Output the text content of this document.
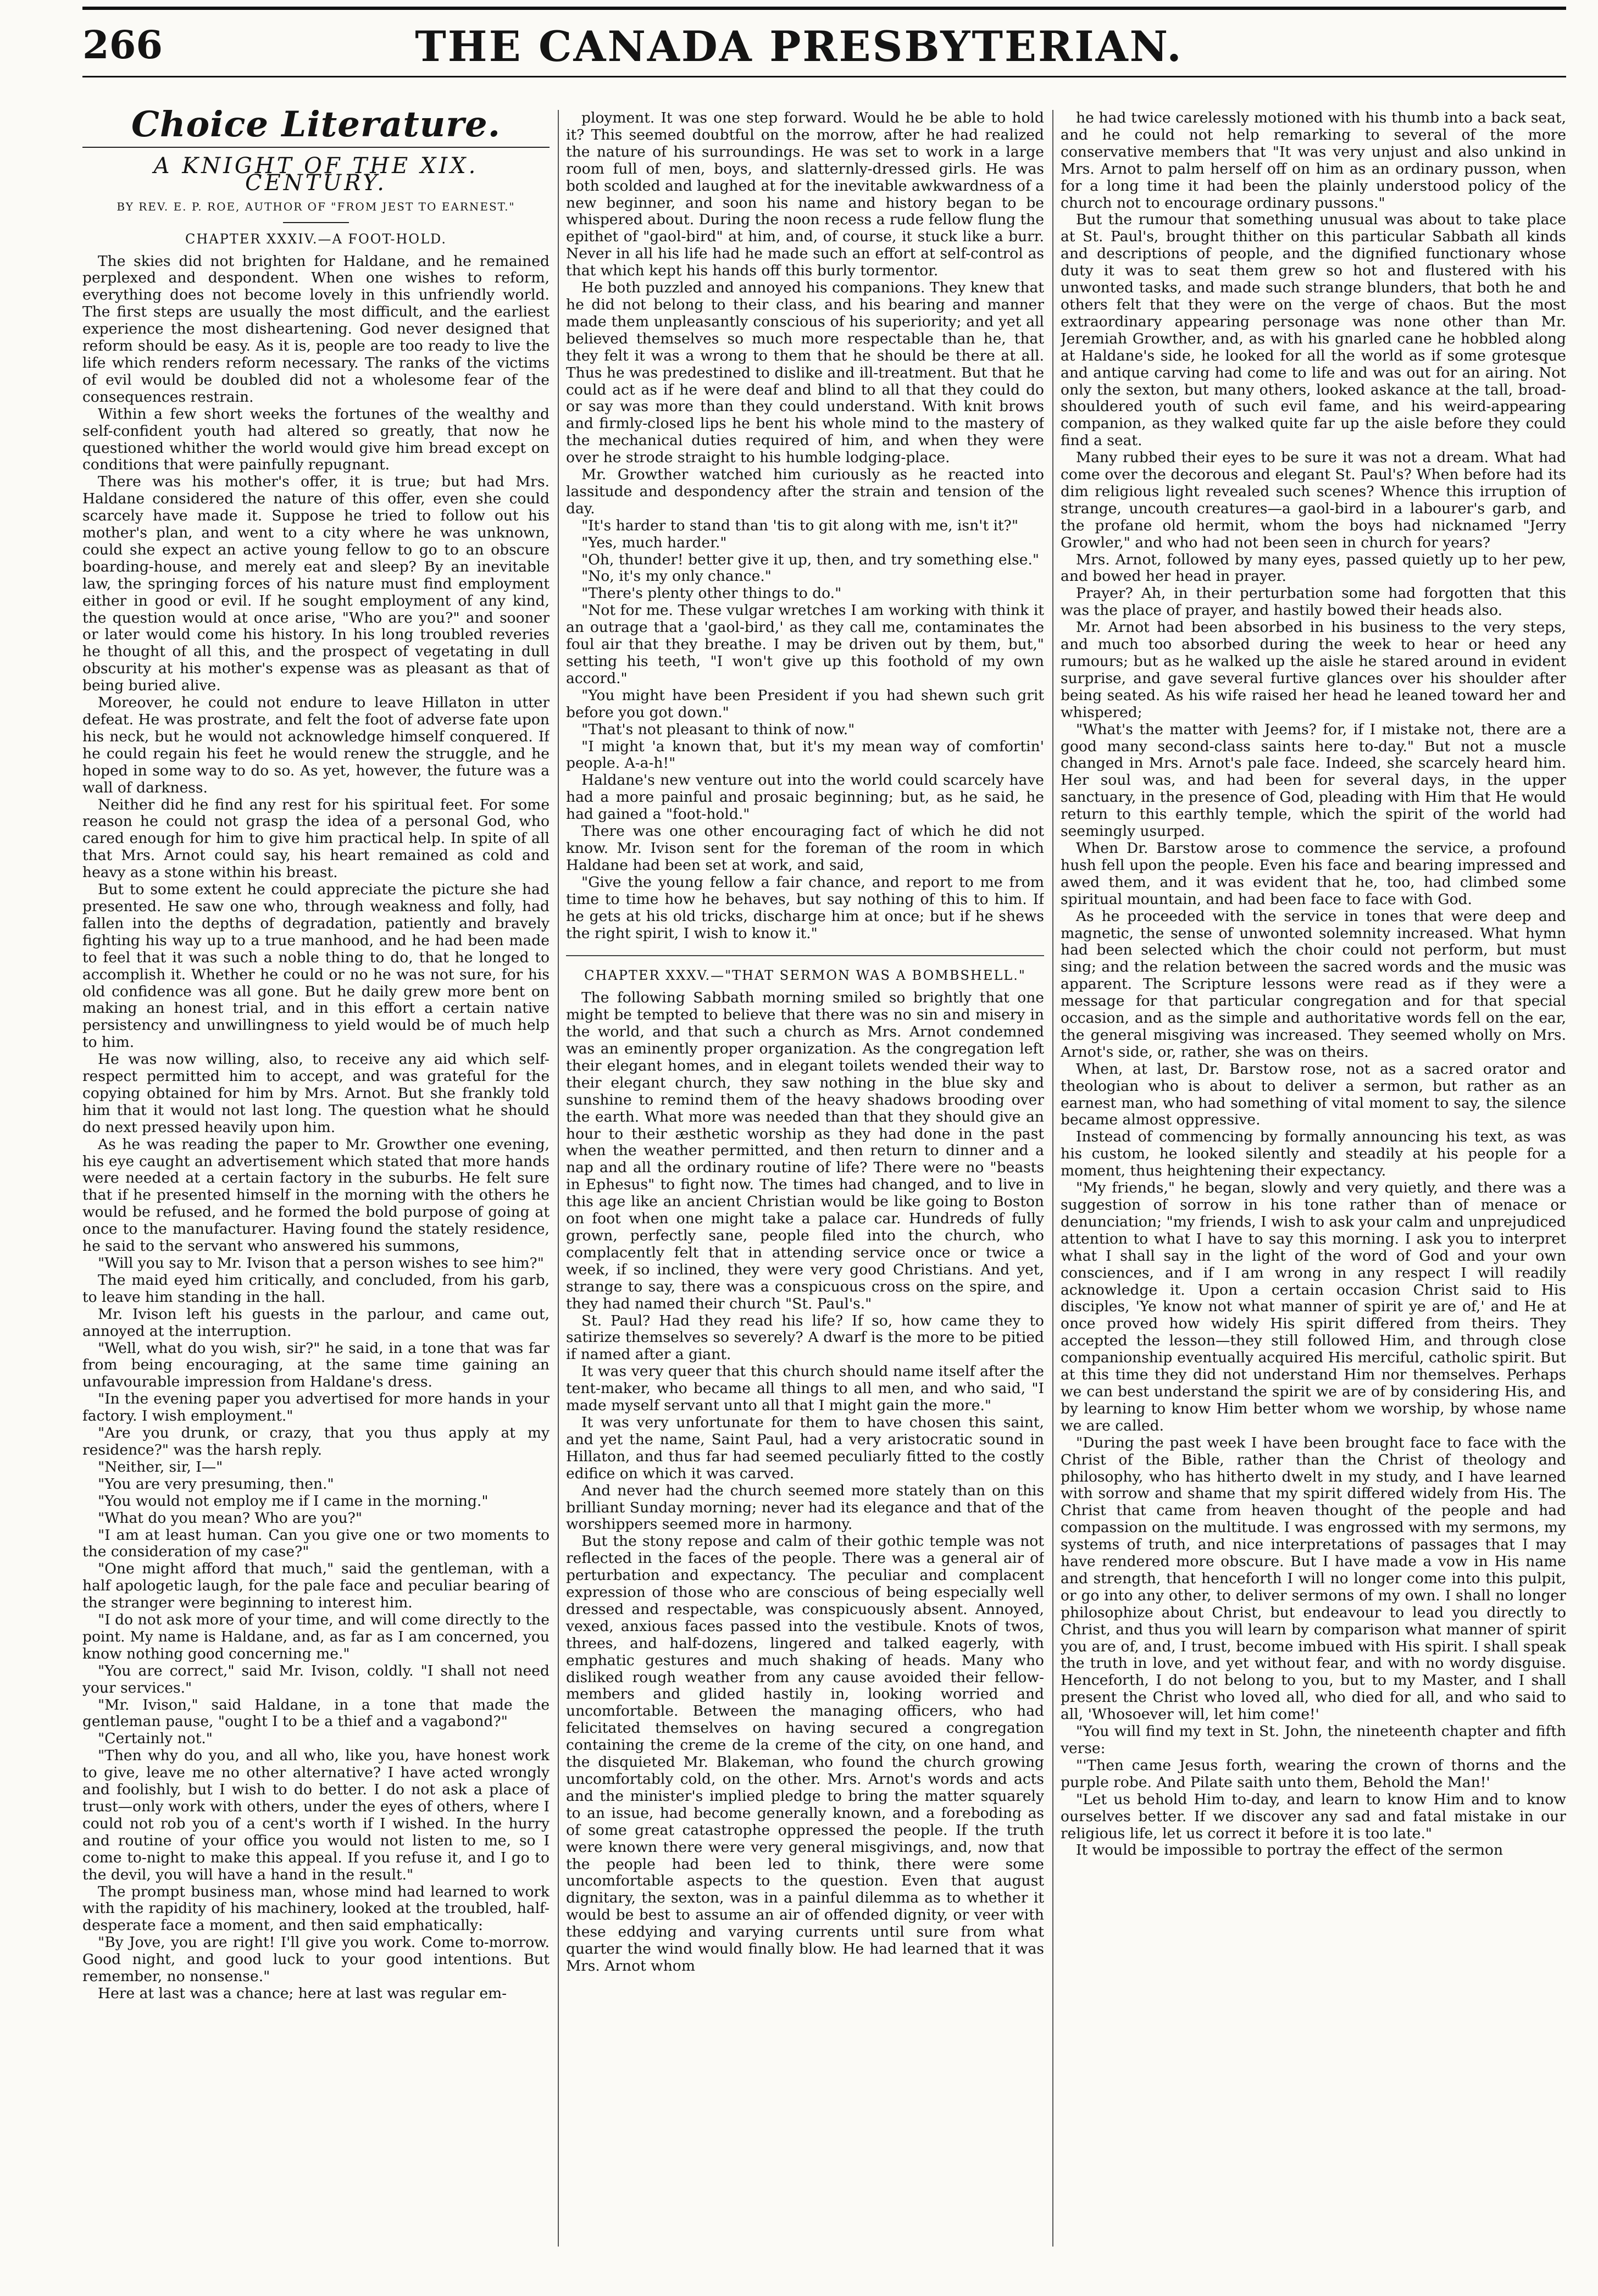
266	THE CANADA PRESBYTERIAN.
Choice Literature.
A KNIGHT OF THE XIX. CENTURY.
BY REV. E. P. ROE, AUTHOR OF "FROM JEST TO EARNEST."
CHAPTER XXXIV.—A FOOT-HOLD.

The skies did not brighten for Haldane, and he remained perplexed and despondent. When one wishes to reform, everything does not become lovely in this unfriendly world. The first steps are usually the most difficult, and the earliest experience the most disheartening. God never designed that reform should be easy. As it is, people are too ready to live the life which renders reform necessary. The ranks of the victims of evil would be doubled did not a wholesome fear of the consequences restrain.

Within a few short weeks the fortunes of the wealthy and self-confident youth had altered so greatly, that now he questioned whither the world would give him bread except on conditions that were painfully repugnant.

There was his mother's offer, it is true; but had Mrs. Haldane considered the nature of this offer, even she could scarcely have made it. Suppose he tried to follow out his mother's plan, and went to a city where he was unknown, could she expect an active young fellow to go to an obscure boarding-house, and merely eat and sleep? By an inevitable law, the springing forces of his nature must find employment either in good or evil. If he sought employment of any kind, the question would at once arise, "Who are you?" and sooner or later would come his history. In his long troubled reveries he thought of all this, and the prospect of vegetating in dull obscurity at his mother's expense was as pleasant as that of being buried alive.

Moreover, he could not endure to leave Hillaton in utter defeat. He was prostrate, and felt the foot of adverse fate upon his neck, but he would not acknowledge himself conquered. If he could regain his feet he would renew the struggle, and he hoped in some way to do so. As yet, however, the future was a wall of darkness.

Neither did he find any rest for his spiritual feet. For some reason he could not grasp the idea of a personal God, who cared enough for him to give him practical help. In spite of all that Mrs. Arnot could say, his heart remained as cold and heavy as a stone within his breast.

But to some extent he could appreciate the picture she had presented. He saw one who, through weakness and folly, had fallen into the depths of degradation, patiently and bravely fighting his way up to a true manhood, and he had been made to feel that it was such a noble thing to do, that he longed to accomplish it. Whether he could or no he was not sure, for his old confidence was all gone. But he daily grew more bent on making an honest trial, and in this effort a certain native persistency and unwillingness to yield would be of much help to him.

He was now willing, also, to receive any aid which self-respect permitted him to accept, and was grateful for the copying obtained for him by Mrs. Arnot. But she frankly told him that it would not last long. The question what he should do next pressed heavily upon him.

As he was reading the paper to Mr. Growther one evening, his eye caught an advertisement which stated that more hands were needed at a certain factory in the suburbs. He felt sure that if he presented himself in the morning with the others he would be refused, and he formed the bold purpose of going at once to the manufacturer. Having found the stately residence, he said to the servant who answered his summons,

"Will you say to Mr. Ivison that a person wishes to see him?"

The maid eyed him critically, and concluded, from his garb, to leave him standing in the hall.

Mr. Ivison left his guests in the parlour, and came out, annoyed at the interruption.

"Well, what do you wish, sir?" he said, in a tone that was far from being encouraging, at the same time gaining an unfavourable impression from Haldane's dress.

"In the evening paper you advertised for more hands in your factory. I wish employment."

"Are you drunk, or crazy, that you thus apply at my residence?" was the harsh reply.

"Neither, sir, I—"

"You are very presuming, then."

"You would not employ me if I came in the morning."

"What do you mean? Who are you?"

"I am at least human. Can you give one or two moments to the consideration of my case?"

"One might afford that much," said the gentleman, with a half apologetic laugh, for the pale face and peculiar bearing of the stranger were beginning to interest him.

"I do not ask more of your time, and will come directly to the point. My name is Haldane, and, as far as I am concerned, you know nothing good concerning me."

"You are correct," said Mr. Ivison, coldly. "I shall not need your services."

"Mr. Ivison," said Haldane, in a tone that made the gentleman pause, "ought I to be a thief and a vagabond?"

"Certainly not."

"Then why do you, and all who, like you, have honest work to give, leave me no other alternative? I have acted wrongly and foolishly, but I wish to do better. I do not ask a place of trust—only work with others, under the eyes of others, where I could not rob you of a cent's worth if I wished. In the hurry and routine of your office you would not listen to me, so I come to-night to make this appeal. If you refuse it, and I go to the devil, you will have a hand in the result."

The prompt business man, whose mind had learned to work with the rapidity of his machinery, looked at the troubled, half-desperate face a moment, and then said emphatically:

"By Jove, you are right! I'll give you work. Come to-morrow. Good night, and good luck to your good intentions. But remember, no nonsense."

Here at last was a chance; here at last was regular em-

ployment. It was one step forward. Would he be able to hold it? This seemed doubtful on the morrow, after he had realized the nature of his surroundings. He was set to work in a large room full of men, boys, and slatternly-dressed girls. He was both scolded and laughed at for the inevitable awkwardness of a new beginner, and soon his name and history began to be whispered about. During the noon recess a rude fellow flung the epithet of "gaol-bird" at him, and, of course, it stuck like a burr. Never in all his life had he made such an effort at self-control as that which kept his hands off this burly tormentor.

He both puzzled and annoyed his companions. They knew that he did not belong to their class, and his bearing and manner made them unpleasantly conscious of his superiority; and yet all believed themselves so much more respectable than he, that they felt it was a wrong to them that he should be there at all. Thus he was predestined to dislike and ill-treatment. But that he could act as if he were deaf and blind to all that they could do or say was more than they could understand. With knit brows and firmly-closed lips he bent his whole mind to the mastery of the mechanical duties required of him, and when they were over he strode straight to his humble lodging-place.

Mr. Growther watched him curiously as he reacted into lassitude and despondency after the strain and tension of the day.

"It's harder to stand than 'tis to git along with me, isn't it?"

"Yes, much harder."

"Oh, thunder! better give it up, then, and try something else."

"No, it's my only chance."

"There's plenty other things to do."

"Not for me. These vulgar wretches I am working with think it an outrage that a 'gaol-bird,' as they call me, contaminates the foul air that they breathe. I may be driven out by them, but," setting his teeth, "I won't give up this foothold of my own accord."

"You might have been President if you had shewn such grit before you got down."

"That's not pleasant to think of now."

"I might 'a known that, but it's my mean way of comfortin' people. A-a-h!"

Haldane's new venture out into the world could scarcely have had a more painful and prosaic beginning; but, as he said, he had gained a "foot-hold."

There was one other encouraging fact of which he did not know. Mr. Ivison sent for the foreman of the room in which Haldane had been set at work, and said,

"Give the young fellow a fair chance, and report to me from time to time how he behaves, but say nothing of this to him. If he gets at his old tricks, discharge him at once; but if he shews the right spirit, I wish to know it."

CHAPTER XXXV.—"THAT SERMON WAS A BOMBSHELL."

The following Sabbath morning smiled so brightly that one might be tempted to believe that there was no sin and misery in the world, and that such a church as Mrs. Arnot condemned was an eminently proper organization. As the congregation left their elegant homes, and in elegant toilets wended their way to their elegant church, they saw nothing in the blue sky and sunshine to remind them of the heavy shadows brooding over the earth. What more was needed than that they should give an hour to their æsthetic worship as they had done in the past when the weather permitted, and then return to dinner and a nap and all the ordinary routine of life? There were no "beasts in Ephesus" to fight now. The times had changed, and to live in this age like an ancient Christian would be like going to Boston on foot when one might take a palace car. Hundreds of fully grown, perfectly sane, people filed into the church, who complacently felt that in attending service once or twice a week, if so inclined, they were very good Christians. And yet, strange to say, there was a conspicuous cross on the spire, and they had named their church "St. Paul's."

St. Paul? Had they read his life? If so, how came they to satirize themselves so severely? A dwarf is the more to be pitied if named after a giant.

It was very queer that this church should name itself after the tent-maker, who became all things to all men, and who said, "I made myself servant unto all that I might gain the more."

It was very unfortunate for them to have chosen this saint, and yet the name, Saint Paul, had a very aristocratic sound in Hillaton, and thus far had seemed peculiarly fitted to the costly edifice on which it was carved.

And never had the church seemed more stately than on this brilliant Sunday morning; never had its elegance and that of the worshippers seemed more in harmony.

But the stony repose and calm of their gothic temple was not reflected in the faces of the people. There was a general air of perturbation and expectancy. The peculiar and complacent expression of those who are conscious of being especially well dressed and respectable, was conspicuously absent. Annoyed, vexed, anxious faces passed into the vestibule. Knots of twos, threes, and half-dozens, lingered and talked eagerly, with emphatic gestures and much shaking of heads. Many who disliked rough weather from any cause avoided their fellow-members and glided hastily in, looking worried and uncomfortable. Between the managing officers, who had felicitated themselves on having secured a congregation containing the creme de la creme of the city, on one hand, and the disquieted Mr. Blakeman, who found the church growing uncomfortably cold, on the other. Mrs. Arnot's words and acts and the minister's implied pledge to bring the matter squarely to an issue, had become generally known, and a foreboding as of some great catastrophe oppressed the people. If the truth were known there were very general misgivings, and, now that the people had been led to think, there were some uncomfortable aspects to the question. Even that august dignitary, the sexton, was in a painful dilemma as to whether it would be best to assume an air of offended dignity, or veer with these eddying and varying currents until sure from what quarter the wind would finally blow. He had learned that it was Mrs. Arnot whom

he had twice carelessly motioned with his thumb into a back seat, and he could not help remarking to several of the more conservative members that "It was very unjust and also unkind in Mrs. Arnot to palm herself off on him as an ordinary pusson, when for a long time it had been the plainly understood policy of the church not to encourage ordinary pussons."

But the rumour that something unusual was about to take place at St. Paul's, brought thither on this particular Sabbath all kinds and descriptions of people, and the dignified functionary whose duty it was to seat them grew so hot and flustered with his unwonted tasks, and made such strange blunders, that both he and others felt that they were on the verge of chaos. But the most extraordinary appearing personage was none other than Mr. Jeremiah Growther, and, as with his gnarled cane he hobbled along at Haldane's side, he looked for all the world as if some grotesque and antique carving had come to life and was out for an airing. Not only the sexton, but many others, looked askance at the tall, broad-shouldered youth of such evil fame, and his weird-appearing companion, as they walked quite far up the aisle before they could find a seat.

Many rubbed their eyes to be sure it was not a dream. What had come over the decorous and elegant St. Paul's? When before had its dim religious light revealed such scenes? Whence this irruption of strange, uncouth creatures—a gaol-bird in a labourer's garb, and the profane old hermit, whom the boys had nicknamed "Jerry Growler," and who had not been seen in church for years?

Mrs. Arnot, followed by many eyes, passed quietly up to her pew, and bowed her head in prayer.

Prayer? Ah, in their perturbation some had forgotten that this was the place of prayer, and hastily bowed their heads also.

Mr. Arnot had been absorbed in his business to the very steps, and much too absorbed during the week to hear or heed any rumours; but as he walked up the aisle he stared around in evident surprise, and gave several furtive glances over his shoulder after being seated. As his wife raised her head he leaned toward her and whispered;

"What's the matter with Jeems? for, if I mistake not, there are a good many second-class saints here to-day." But not a muscle changed in Mrs. Arnot's pale face. Indeed, she scarcely heard him. Her soul was, and had been for several days, in the upper sanctuary, in the presence of God, pleading with Him that He would return to this earthly temple, which the spirit of the world had seemingly usurped.

When Dr. Barstow arose to commence the service, a profound hush fell upon the people. Even his face and bearing impressed and awed them, and it was evident that he, too, had climbed some spiritual mountain, and had been face to face with God.

As he proceeded with the service in tones that were deep and magnetic, the sense of unwonted solemnity increased. What hymn had been selected which the choir could not perform, but must sing; and the relation between the sacred words and the music was apparent. The Scripture lessons were read as if they were a message for that particular congregation and for that special occasion, and as the simple and authoritative words fell on the ear, the general misgiving was increased. They seemed wholly on Mrs. Arnot's side, or, rather, she was on theirs.

When, at last, Dr. Barstow rose, not as a sacred orator and theologian who is about to deliver a sermon, but rather as an earnest man, who had something of vital moment to say, the silence became almost oppressive.

Instead of commencing by formally announcing his text, as was his custom, he looked silently and steadily at his people for a moment, thus heightening their expectancy.

"My friends," he began, slowly and very quietly, and there was a suggestion of sorrow in his tone rather than of menace or denunciation; "my friends, I wish to ask your calm and unprejudiced attention to what I have to say this morning. I ask you to interpret what I shall say in the light of the word of God and your own consciences, and if I am wrong in any respect I will readily acknowledge it. Upon a certain occasion Christ said to His disciples, 'Ye know not what manner of spirit ye are of,' and He at once proved how widely His spirit differed from theirs. They accepted the lesson—they still followed Him, and through close companionship eventually acquired His merciful, catholic spirit. But at this time they did not understand Him nor themselves. Perhaps we can best understand the spirit we are of by considering His, and by learning to know Him better whom we worship, by whose name we are called.

"During the past week I have been brought face to face with the Christ of the Bible, rather than the Christ of theology and philosophy, who has hitherto dwelt in my study, and I have learned with sorrow and shame that my spirit differed widely from His. The Christ that came from heaven thought of the people and had compassion on the multitude. I was engrossed with my sermons, my systems of truth, and nice interpretations of passages that I may have rendered more obscure. But I have made a vow in His name and strength, that henceforth I will no longer come into this pulpit, or go into any other, to deliver sermons of my own. I shall no longer philosophize about Christ, but endeavour to lead you directly to Christ, and thus you will learn by comparison what manner of spirit you are of, and, I trust, become imbued with His spirit. I shall speak the truth in love, and yet without fear, and with no wordy disguise. Henceforth, I do not belong to you, but to my Master, and I shall present the Christ who loved all, who died for all, and who said to all, 'Whosoever will, let him come!'

"You will find my text in St. John, the nineteenth chapter and fifth verse:

"'Then came Jesus forth, wearing the crown of thorns and the purple robe. And Pilate saith unto them, Behold the Man!'

"Let us behold Him to-day, and learn to know Him and to know ourselves better. If we discover any sad and fatal mistake in our religious life, let us correct it before it is too late."

It would be impossible to portray the effect of the sermon
